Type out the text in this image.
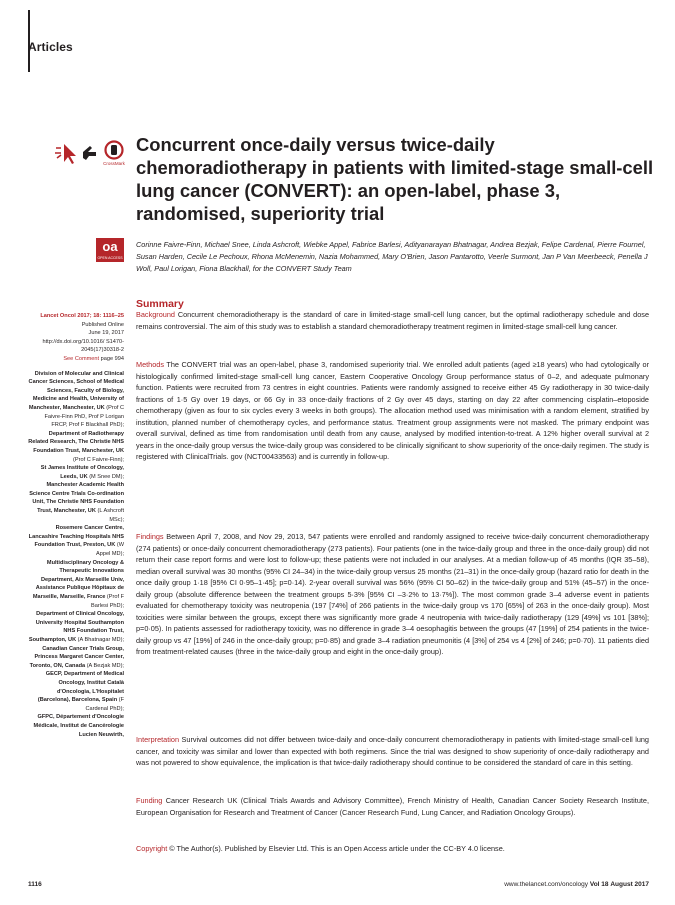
Articles
CrossMark
Concurrent once-daily versus twice-daily chemoradiotherapy in patients with limited-stage small-cell lung cancer (CONVERT): an open-label, phase 3, randomised, superiority trial
oa
OPEN ACCESS
Corinne Faivre-Finn, Michael Snee, Linda Ashcroft, Wiebke Appel, Fabrice Barlesi, Adityanarayan Bhatnagar, Andrea Bezjak, Felipe Cardenal, Pierre Fournel, Susan Harden, Cecile Le Pechoux, Rhona McMenemin, Nazia Mohammed, Mary O'Brien, Jason Pantarotto, Veerle Surmont, Jan P Van Meerbeeck, Penella J Woll, Paul Lorigan, Fiona Blackhall, for the CONVERT Study Team

Lancet Oncol 2017; 18: 1116–25

Published Online

June 19, 2017

http://dx.doi.org/10.1016/ S1470-2045(17)30318-2

See Comment page 994

Division of Molecular and Clinical Cancer Sciences, School of Medical Sciences, Faculty of Biology, Medicine and Health, University of Manchester, Manchester, UK (Prof C Faivre-Finn PhD, Prof P Lorigan FRCP, Prof F Blackhall PhD);

Department of Radiotherapy Related Research, The Christie NHS Foundation Trust, Manchester, UK (Prof C Faivre-Finn);

St James Institute of Oncology, Leeds, UK (M Snee DM);

Manchester Academic Health Science Centre Trials Co-ordination Unit, The Christie NHS Foundation Trust, Manchester, UK (L Ashcroft MSc);

Rosemere Cancer Centre, Lancashire Teaching Hospitals NHS Foundation Trust, Preston, UK (W Appel MD);

Multidisciplinary Oncology & Therapeutic Innovations Department, Aix Marseille Univ, Assistance Publique Hôpitaux de Marseille, Marseille, France (Prof F Barlesi PhD);

Department of Clinical Oncology, University Hospital Southampton NHS Foundation Trust, Southampton, UK (A Bhatnagar MD);

Canadian Cancer Trials Group, Princess Margaret Cancer Center, Toronto, ON, Canada (A Bezjak MD);

GECP, Department of Medical Oncology, Institut Català d'Oncologia, L'Hospitalet (Barcelona), Barcelona, Spain (F Cardenal PhD);

GFPC, Département d'Oncologie Médicale, Institut de Cancérologie Lucien Neuwirth,

Summary
Background Concurrent chemoradiotherapy is the standard of care in limited-stage small-cell lung cancer, but the optimal radiotherapy schedule and dose remains controversial. The aim of this study was to establish a standard chemoradiotherapy treatment regimen in limited-stage small-cell lung cancer.
Methods The CONVERT trial was an open-label, phase 3, randomised superiority trial. We enrolled adult patients (aged ≥18 years) who had cytologically or histologically confirmed limited-stage small-cell lung cancer, Eastern Cooperative Oncology Group performance status of 0–2, and adequate pulmonary function. Patients were recruited from 73 centres in eight countries. Patients were randomly assigned to receive either 45 Gy radiotherapy in 30 twice-daily fractions of 1·5 Gy over 19 days, or 66 Gy in 33 once-daily fractions of 2 Gy over 45 days, starting on day 22 after commencing cisplatin–etoposide chemotherapy (given as four to six cycles every 3 weeks in both groups). The allocation method used was minimisation with a random element, stratified by institution, planned number of chemotherapy cycles, and performance status. Treatment group assignments were not masked. The primary endpoint was overall survival, defined as time from randomisation until death from any cause, analysed by modified intention-to-treat. A 12% higher overall survival at 2 years in the once-daily group versus the twice-daily group was considered to be clinically significant to show superiority of the once-daily regimen. The study is registered with ClinicalTrials. gov (NCT00433563) and is currently in follow-up.
Findings Between April 7, 2008, and Nov 29, 2013, 547 patients were enrolled and randomly assigned to receive twice-daily concurrent chemoradiotherapy (274 patients) or once-daily concurrent chemoradiotherapy (273 patients). Four patients (one in the twice-daily group and three in the once-daily group) did not return their case report forms and were lost to follow-up; these patients were not included in our analyses. At a median follow-up of 45 months (IQR 35–58), median overall survival was 30 months (95% CI 24–34) in the twice-daily group versus 25 months (21–31) in the once-daily group (hazard ratio for death in the once daily group 1·18 [95% CI 0·95–1·45]; p=0·14). 2-year overall survival was 56% (95% CI 50–62) in the twice-daily group and 51% (45–57) in the once-daily group (absolute difference between the treatment groups 5·3% [95% CI –3·2% to 13·7%]). The most common grade 3–4 adverse event in patients evaluated for chemotherapy toxicity was neutropenia (197 [74%] of 266 patients in the twice-daily group vs 170 [65%] of 263 in the once-daily group). Most toxicities were similar between the groups, except there was significantly more grade 4 neutropenia with twice-daily radiotherapy (129 [49%] vs 101 [38%]; p=0·05). In patients assessed for radiotherapy toxicity, was no difference in grade 3–4 oesophagitis between the groups (47 [19%] of 254 patients in the twice-daily group vs 47 [19%] of 246 in the once-daily group; p=0·85) and grade 3–4 radiation pneumonitis (4 [3%] of 254 vs 4 [2%] of 246; p=0·70). 11 patients died from treatment-related causes (three in the twice-daily group and eight in the once-daily group).
Interpretation Survival outcomes did not differ between twice-daily and once-daily concurrent chemoradiotherapy in patients with limited-stage small-cell lung cancer, and toxicity was similar and lower than expected with both regimens. Since the trial was designed to show superiority of once-daily radiotherapy and was not powered to show equivalence, the implication is that twice-daily radiotherapy should continue to be considered the standard of care in this setting.
Funding Cancer Research UK (Clinical Trials Awards and Advisory Committee), French Ministry of Health, Canadian Cancer Society Research Institute, European Organisation for Research and Treatment of Cancer (Cancer Research Fund, Lung Cancer, and Radiation Oncology Groups).
Copyright © The Author(s). Published by Elsevier Ltd. This is an Open Access article under the CC-BY 4.0 license.
1116	www.thelancet.com/oncology Vol 18 August 2017
